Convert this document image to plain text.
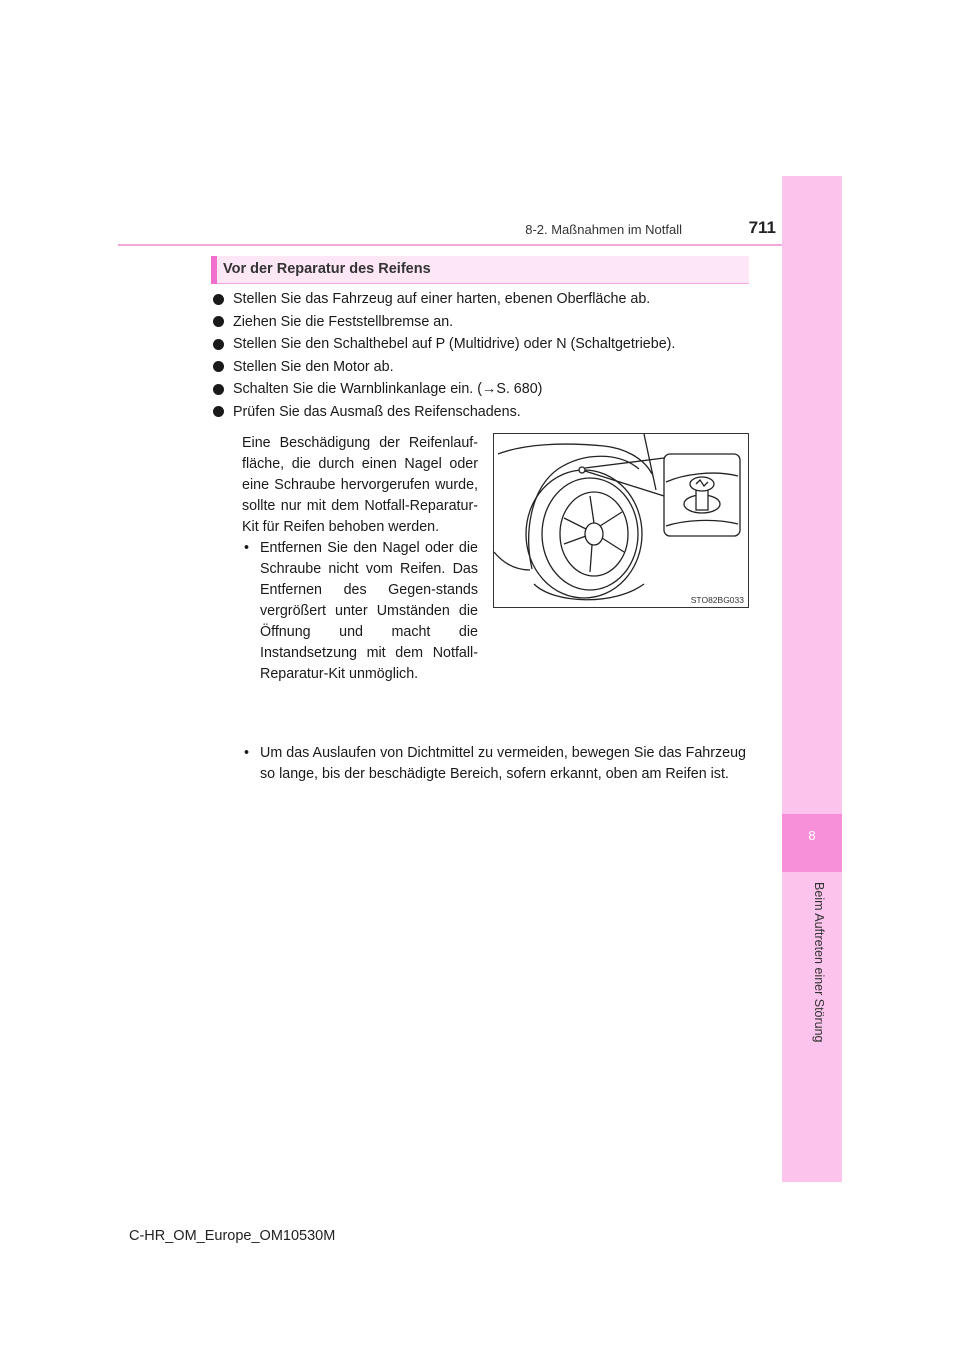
8-2. Maßnahmen im Notfall	711
8
Beim Auftreten einer Störung
Vor der Reparatur des Reifens
Stellen Sie das Fahrzeug auf einer harten, ebenen Oberfläche ab.
Ziehen Sie die Feststellbremse an.
Stellen Sie den Schalthebel auf P (Multidrive) oder N (Schaltgetriebe).
Stellen Sie den Motor ab.
Schalten Sie die Warnblinkanlage ein. (→S. 680)
Prüfen Sie das Ausmaß des Reifenschadens.
Eine Beschädigung der Reifenlauf-fläche, die durch einen Nagel oder eine Schraube hervorgerufen wurde, sollte nur mit dem Notfall-Reparatur-Kit für Reifen behoben werden.
• Entfernen Sie den Nagel oder die Schraube nicht vom Reifen. Das Entfernen des Gegen-stands vergrößert unter Umständen die Öffnung und macht die Instandsetzung mit dem Notfall-Reparatur-Kit unmöglich.
• Um das Auslaufen von Dichtmittel zu vermeiden, bewegen Sie das Fahrzeug so lange, bis der beschädigte Bereich, sofern erkannt, oben am Reifen ist.
STO82BG033
C-HR_OM_Europe_OM10530M
